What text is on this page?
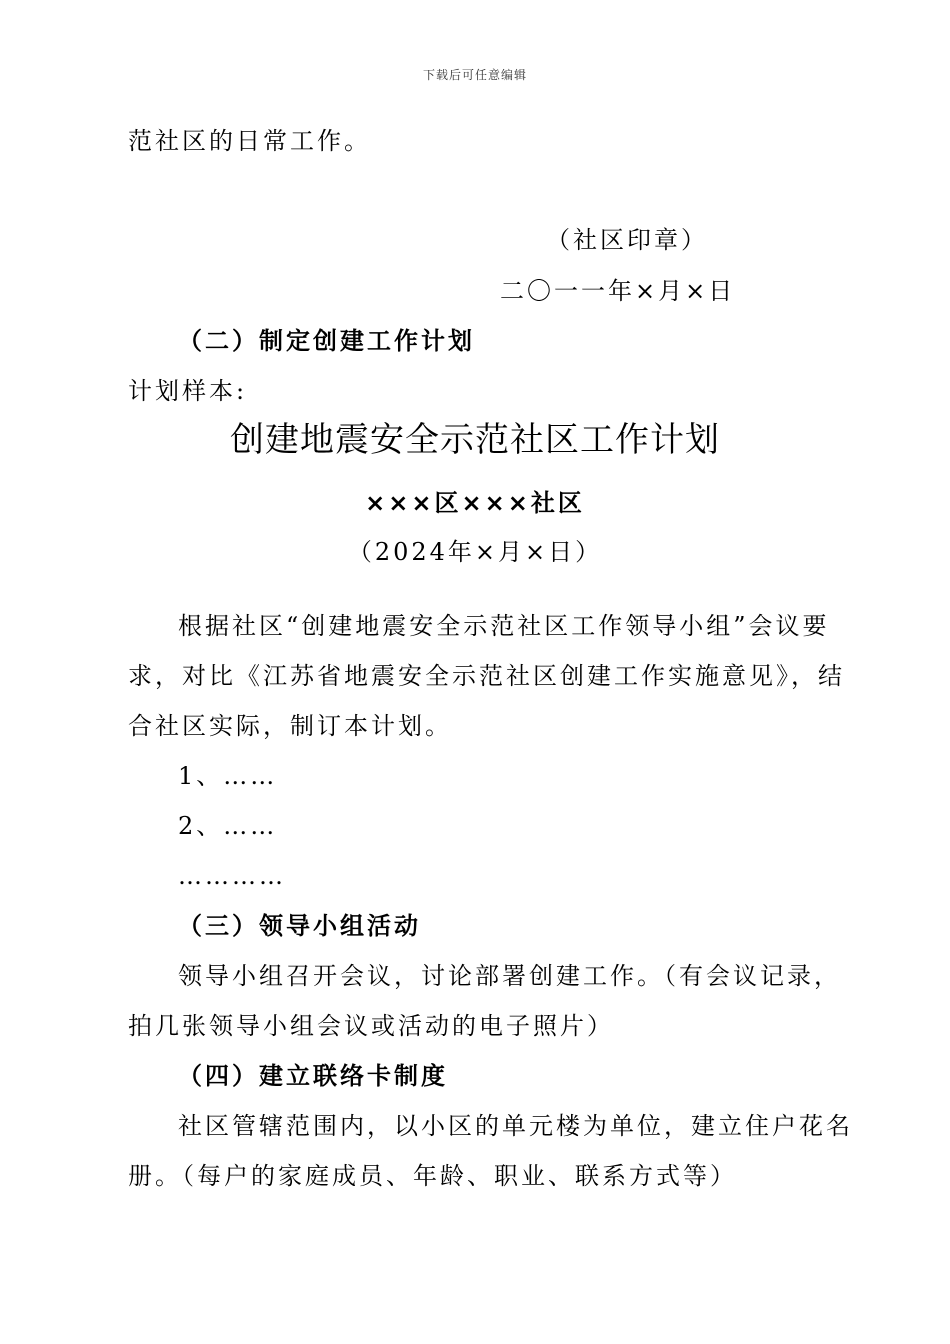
下载后可任意编辑
范社区的日常工作。
（社区印章）
二〇一一年×月×日
（二）制定创建工作计划
计划样本:
创建地震安全示范社区工作计划
×××区×××社区
（2024年×月×日）
根据社区“创建地震安全示范社区工作领导小组”会议要
求，对比《江苏省地震安全示范社区创建工作实施意见》，结
合社区实际，制订本计划。
1、……
2、……
…………
（三）领导小组活动
领导小组召开会议，讨论部署创建工作。（有会议记录，
拍几张领导小组会议或活动的电子照片）
（四）建立联络卡制度
社区管辖范围内，以小区的单元楼为单位，建立住户花名
册。（每户的家庭成员、年龄、职业、联系方式等）
